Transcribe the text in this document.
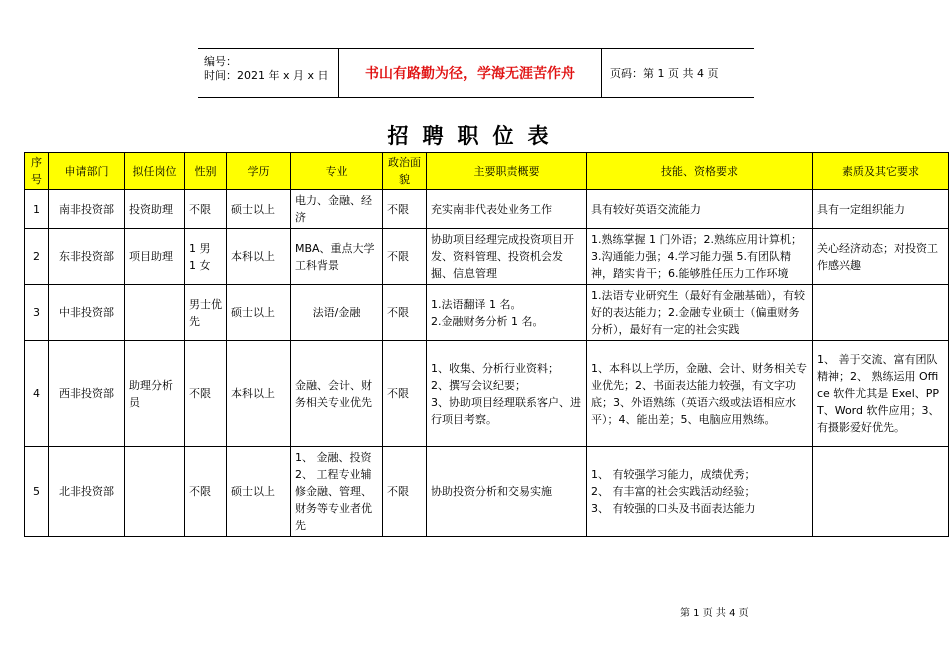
编号：
时间：2021 年 x 月 x 日	书山有路勤为径，学海无涯苦作舟	页码：第 1 页 共 4 页
招聘职位表
序号	申请部门	拟任岗位	性别	学历	专业	政治面貌	主要职责概要	技能、资格要求	素质及其它要求
1	南非投资部	投资助理	不限	硕士以上	电力、金融、经济	不限	充实南非代表处业务工作	具有较好英语交流能力	具有一定组织能力
2	东非投资部	项目助理	1 男
1 女	本科以上	MBA、重点大学工科背景	不限	协助项目经理完成投资项目开发、资料管理、投资机会发掘、信息管理	1.熟练掌握 1 门外语；2.熟练应用计算机；3.沟通能力强；4.学习能力强 5.有团队精神，踏实肯干；6.能够胜任压力工作环境	关心经济动态；对投资工作感兴趣
3	中非投资部		男士优先	硕士以上	法语/金融	不限	1.法语翻译 1 名。
2.金融财务分析 1 名。	1.法语专业研究生（最好有金融基础），有较好的表达能力；2.金融专业硕士（偏重财务分析），最好有一定的社会实践	
4	西非投资部	助理分析员	不限	本科以上	金融、会计、财务相关专业优先	不限	1、收集、分析行业资料；
2、撰写会议纪要；
3、协助项目经理联系客户、进行项目考察。	1、本科以上学历，金融、会计、财务相关专业优先；2、书面表达能力较强，有文字功底；3、外语熟练（英语六级或法语相应水平）；4、能出差；5、电脑应用熟练。	1、 善于交流、富有团队精神；2、 熟练运用 Office 软件尤其是 Exel、PPT、Word 软件应用；3、 有摄影爱好优先。
5	北非投资部		不限	硕士以上	1、 金融、投资
2、 工程专业辅修金融、管理、财务等专业者优先	不限	协助投资分析和交易实施	1、 有较强学习能力，成绩优秀；
2、 有丰富的社会实践活动经验；
3、 有较强的口头及书面表达能力	
第 1 页 共 4 页
